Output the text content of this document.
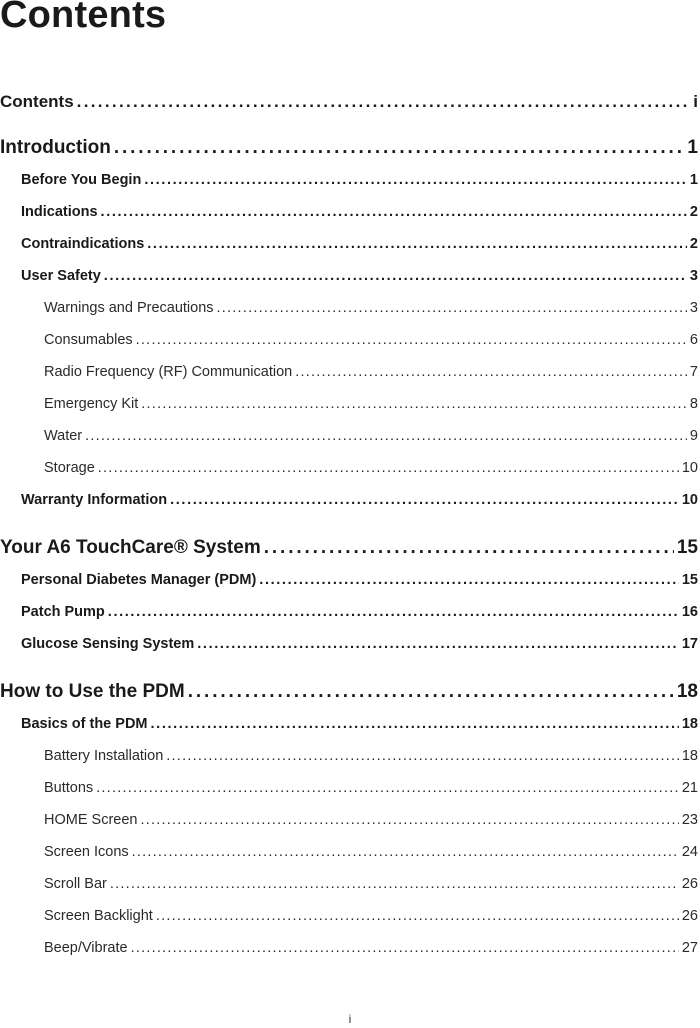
Contents
Contents . . .	i
Introduction . . .	1
Before You Begin . . .	1
Indications . . .	2
Contraindications . . .	2
User Safety . . .	3
Warnings and Precautions . . .	3
Consumables . . .	6
Radio Frequency (RF) Communication . . .	7
Emergency Kit . . .	8
Water . . .	9
Storage . . .	10
Warranty Information . . .	10
Your A6 TouchCare® System . . .	15
Personal Diabetes Manager (PDM) . . .	15
Patch Pump . . .	16
Glucose Sensing System . . .	17
How to Use the PDM . . .	18
Basics of the PDM . . .	18
Battery Installation . . .	18
Buttons . . .	21
HOME Screen . . .	23
Screen Icons . . .	24
Scroll Bar . . .	26
Screen Backlight . . .	26
Beep/Vibrate . . .	27
i
